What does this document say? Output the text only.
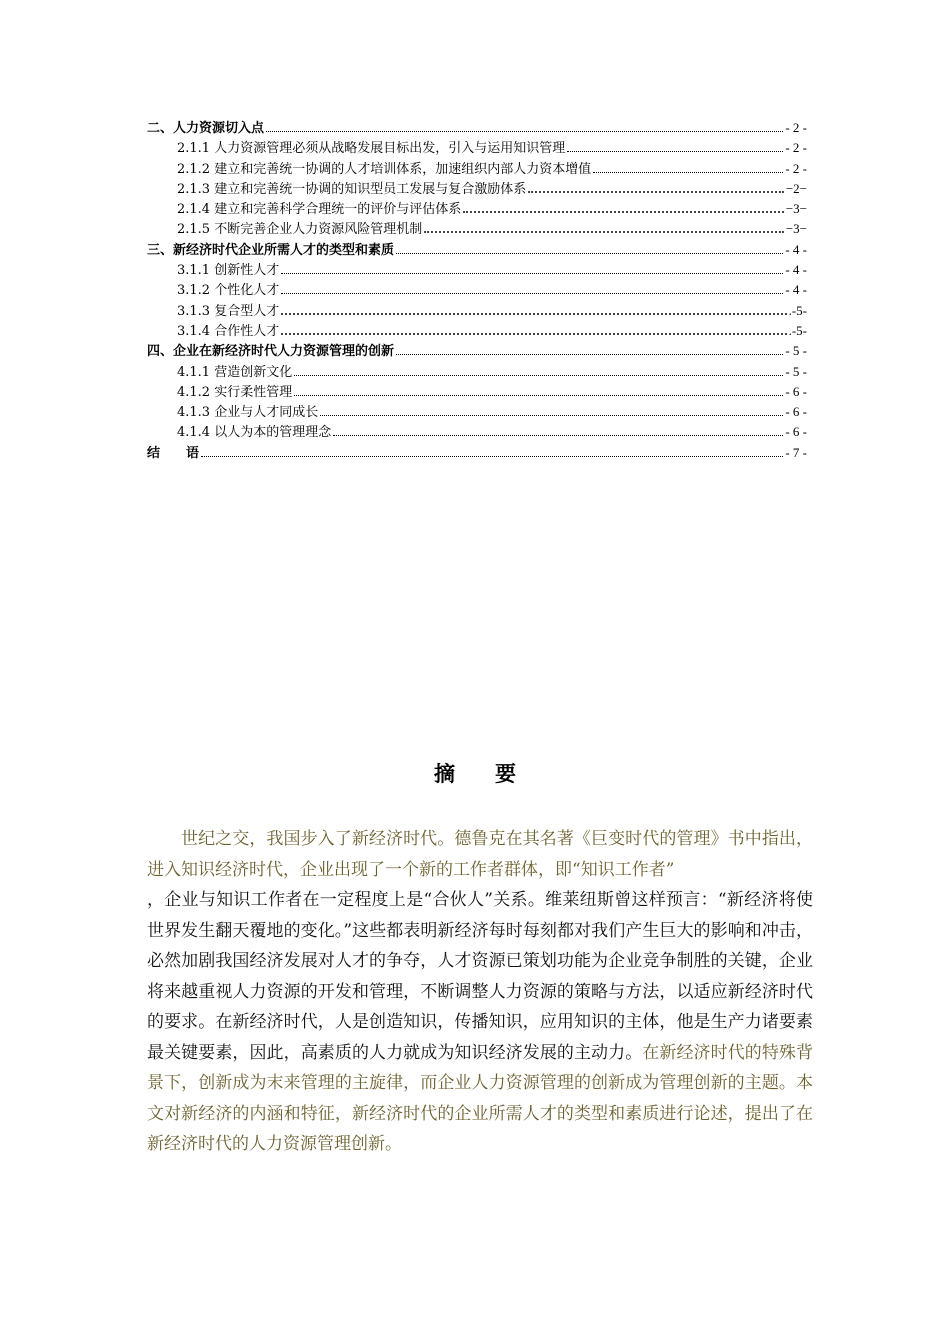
二、人力资源切入点	- 2 -
2.1.1 人力资源管理必须从战略发展目标出发，引入与运用知识管理	- 2 -
2.1.2 建立和完善统一协调的人才培训体系，加速组织内部人力资本增值	- 2 -
2.1.3 建立和完善统一协调的知识型员工发展与复合激励体系	−2−
2.1.4 建立和完善科学合理统一的评价与评估体系	−3−
2.1.5 不断完善企业人力资源风险管理机制	−3−
三、新经济时代企业所需人才的类型和素质	- 4 -
3.1.1 创新性人才	- 4 -
3.1.2 个性化人才	- 4 -
3.1.3 复合型人才	.-5-
3.1.4 合作性人才	.-5-
四、企业在新经济时代人力资源管理的创新	- 5 -
4.1.1 营造创新文化	- 5 -
4.1.2 实行柔性管理	- 6 -
4.1.3 企业与人才同成长	- 6 -
4.1.4 以人为本的管理理念	- 6 -
结　　语	- 7 -
摘要

世纪之交，我国步入了新经济时代。德鲁克在其名著《巨变时代的管理》书中指出，进入知识经济时代，企业出现了一个新的工作者群体，即“知识工作者”

，企业与知识工作者在一定程度上是“合伙人”关系。维莱纽斯曾这样预言：“新经济将使世界发生翻天覆地的变化。”这些都表明新经济每时每刻都对我们产生巨大的影响和冲击，必然加剧我国经济发展对人才的争夺，人才资源已策划功能为企业竞争制胜的关键，企业将来越重视人力资源的开发和管理，不断调整人力资源的策略与方法，以适应新经济时代的要求。在新经济时代，人是创造知识，传播知识，应用知识的主体，他是生产力诸要素最关键要素，因此，高素质的人力就成为知识经济发展的主动力。在新经济时代的特殊背景下，创新成为末来管理的主旋律，而企业人力资源管理的创新成为管理创新的主题。本文对新经济的内涵和特征，新经济时代的企业所需人才的类型和素质进行论述，提出了在新经济时代的人力资源管理创新。
